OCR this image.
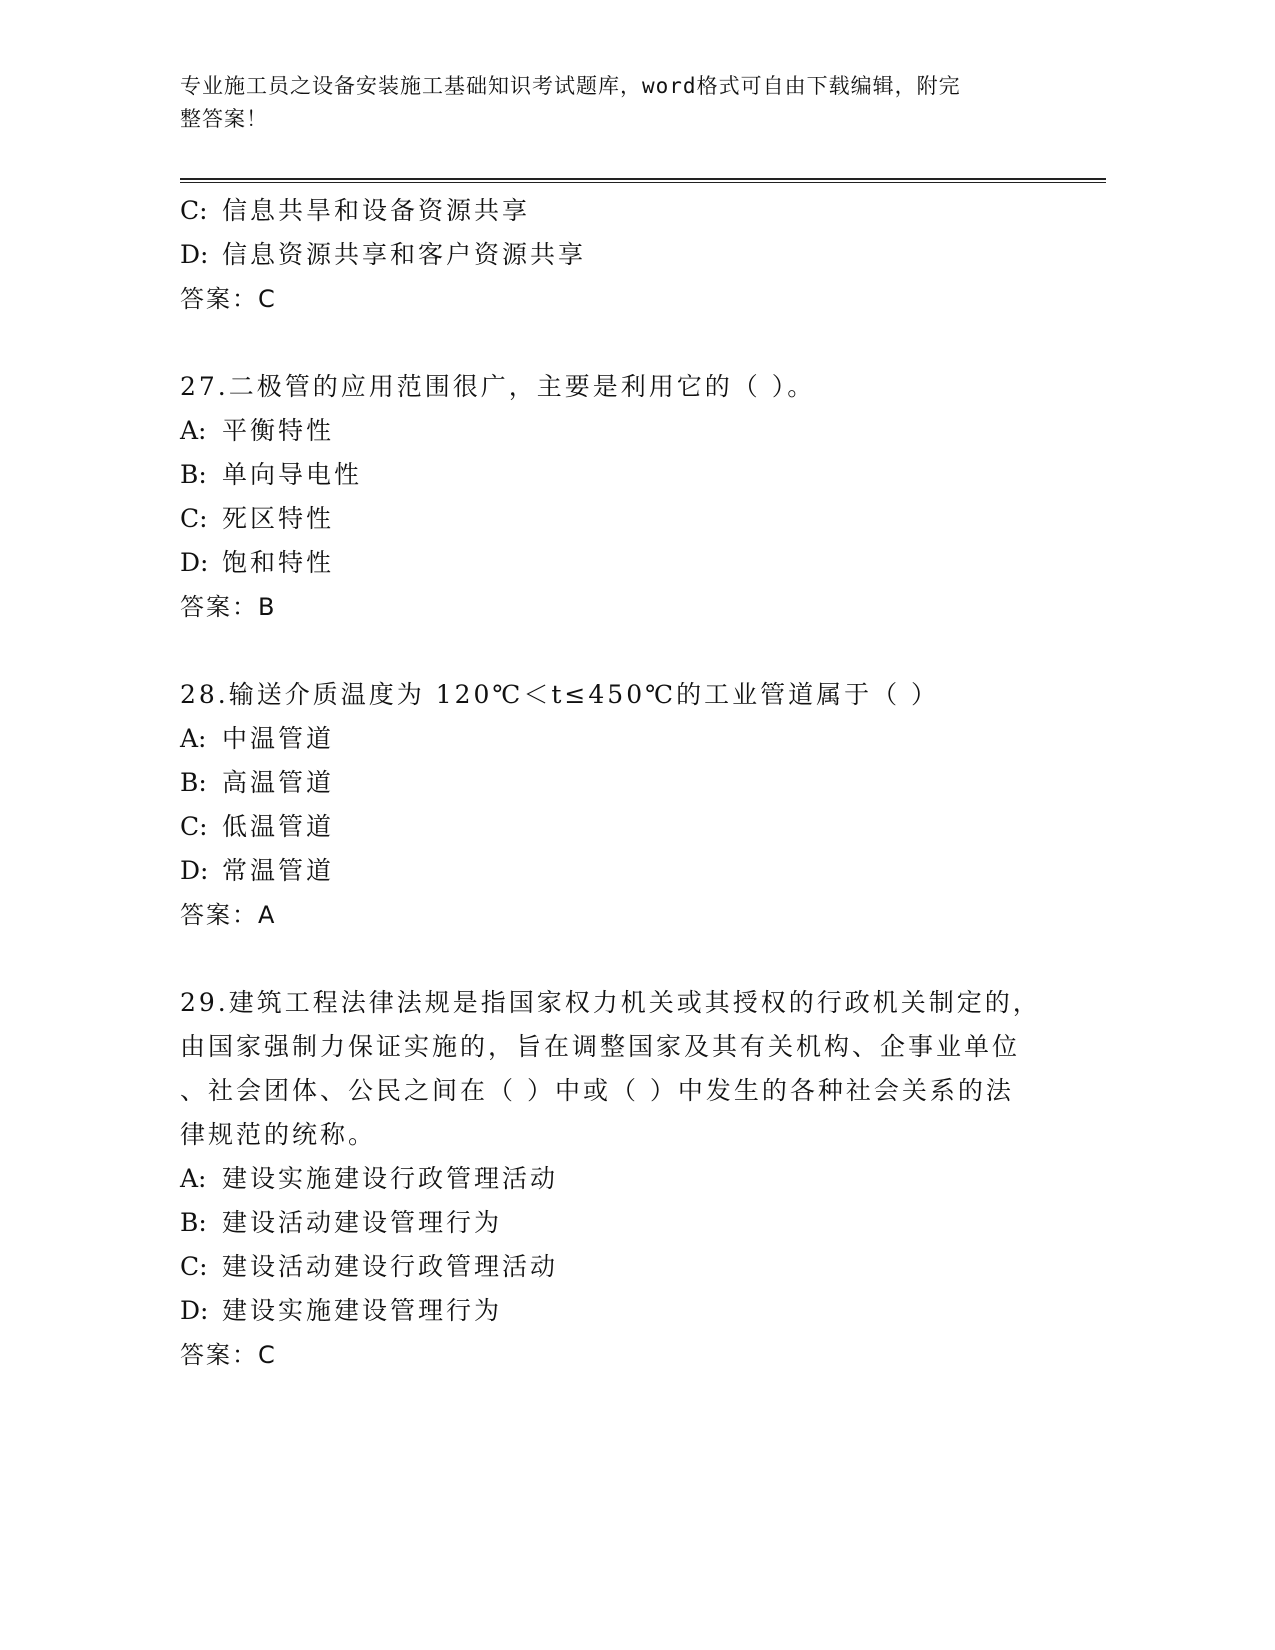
专业施工员之设备安装施工基础知识考试题库，word格式可自由下载编辑，附完
整答案！
C: 信息共旱和设备资源共享
D: 信息资源共享和客户资源共享
答案：C
27.二极管的应用范围很广，主要是利用它的（ ）。
A: 平衡特性
B: 单向导电性
C: 死区特性
D: 饱和特性
答案：B
28.输送介质温度为 120℃＜t≤450℃的工业管道属于（ ）
A: 中温管道
B: 高温管道
C: 低温管道
D: 常温管道
答案：A
29.建筑工程法律法规是指国家权力机关或其授权的行政机关制定的，
由国家强制力保证实施的，旨在调整国家及其有关机构、企事业单位
、社会团体、公民之间在（ ）中或（ ）中发生的各种社会关系的法
律规范的统称。
A: 建设实施建设行政管理活动
B: 建设活动建设管理行为
C: 建设活动建设行政管理活动
D: 建设实施建设管理行为
答案：C
